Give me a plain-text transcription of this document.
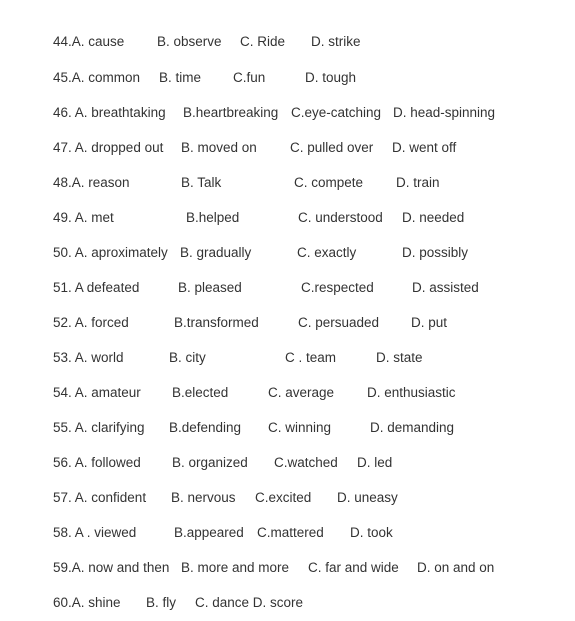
44.A. cause B. observe C. Ride D. strike
45.A. common B. time C.fun	D. tough
46. A. breathtaking B.heartbreaking C.eye-catching D. head-spinning
47. A. dropped out B. moved on C. pulled over D. went off
48.A. reason	B. Talk	C. compete D. train
49. A. met	B.helped	C. understood D. needed
50. A. aproximately B. gradually	C. exactly	D. possibly
51. A defeated	B. pleased	C.respected	D. assisted
52. A. forced	B.transformed	C. persuaded D. put
53. A. world	B. city	C . team	D. state
54. A. amateur B.elected	C. average D. enthusiastic
55. A. clarifying B.defending C. winning	D. demanding
56. A. followed B. organized C.watched D. led
57. A. confident B. nervous C.excited D. uneasy
58. A . viewed	B.appeared C.mattered D. took
59.A. now and then B. more and more C. far and wide D. on and on
60.A. shine B. fly C. dance D. score
